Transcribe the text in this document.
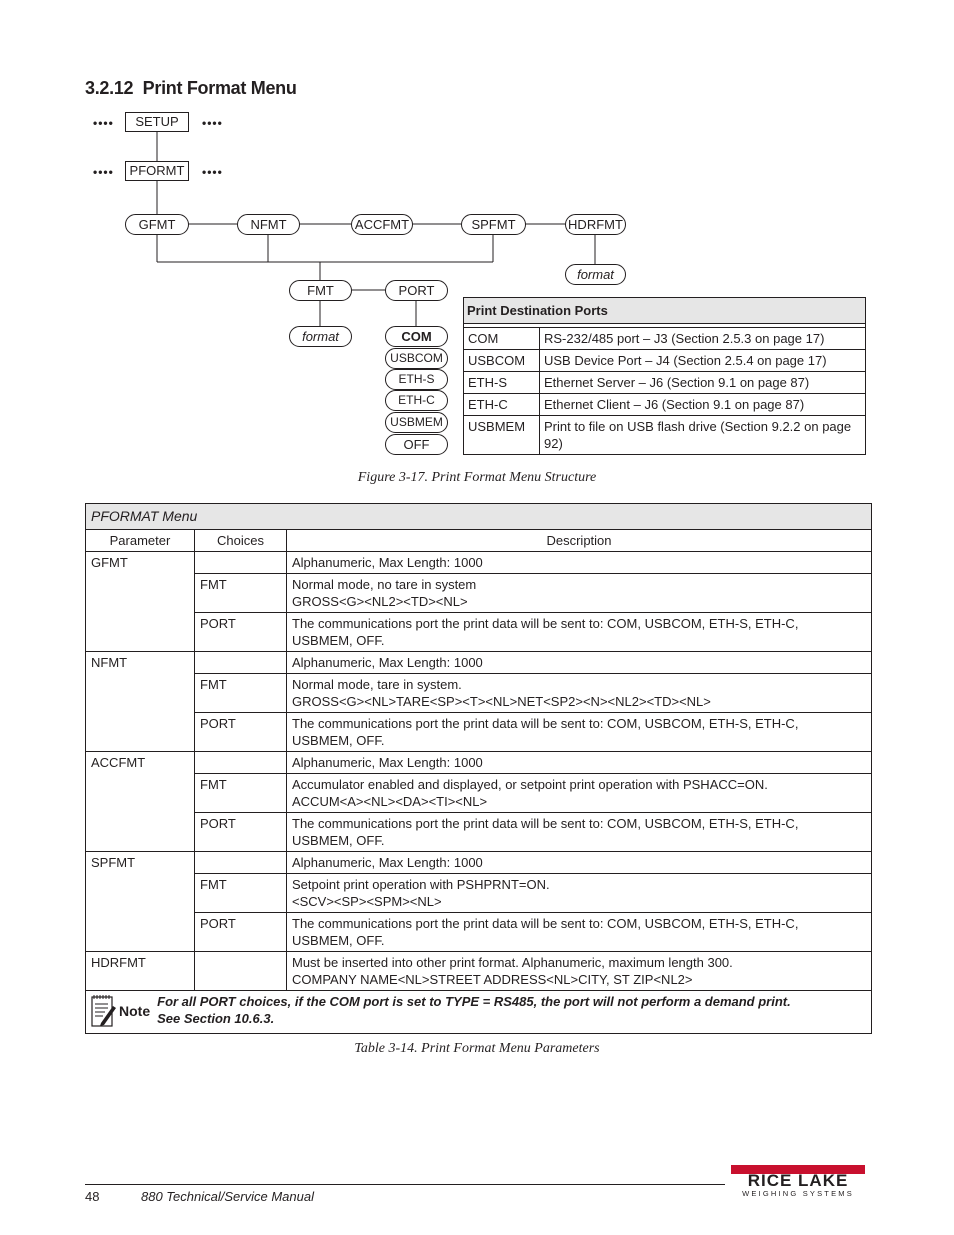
3.2.12 Print Format Menu
••••	SETUP	••••
••••	PFORMT	••••
GFMT	NFMT	ACCFMT	SPFMT	HDRFMT
format
FMT	PORT
format	COM
USBCOM
ETH-S
ETH-C
USBMEM
OFF
Print Destination Ports	

COM	RS-232/485 port – J3 (Section 2.5.3 on page 17)
USBCOM	USB Device Port – J4 (Section 2.5.4 on page 17)
ETH-S	Ethernet Server – J6 (Section 9.1 on page 87)
ETH-C	Ethernet Client – J6 (Section 9.1 on page 87)
USBMEM	Print to file on USB flash drive (Section 9.2.2 on page 92)
Figure 3-17. Print Format Menu Structure
PFORMAT Menu		
Parameter	Choices	Description
GFMT		Alphanumeric, Max Length: 1000
	FMT	Normal mode, no tare in system
GROSS<G><NL2><TD><NL>

	PORT	The communications port the print data will be sent to: COM, USBCOM, ETH-S, ETH-C,
USBMEM, OFF.

NFMT		Alphanumeric, Max Length: 1000
	FMT	Normal mode, tare in system.
GROSS<G><NL>TARE<SP><T><NL>NET<SP2><N><NL2><TD><NL>

	PORT	The communications port the print data will be sent to: COM, USBCOM, ETH-S, ETH-C,
USBMEM, OFF.

ACCFMT		Alphanumeric, Max Length: 1000
	FMT	Accumulator enabled and displayed, or setpoint print operation with PSHACC=ON.
ACCUM<A><NL><DA><TI><NL>

	PORT	The communications port the print data will be sent to: COM, USBCOM, ETH-S, ETH-C,
USBMEM, OFF.

SPFMT		Alphanumeric, Max Length: 1000
	FMT	Setpoint print operation with PSHPRNT=ON.
<SCV><SP><SPM><NL>

	PORT	The communications port the print data will be sent to: COM, USBCOM, ETH-S, ETH-C,
USBMEM, OFF.

HDRFMT		Must be inserted into other print format. Alphanumeric, maximum length 300.
COMPANY NAME<NL>STREET ADDRESS<NL>CITY, ST ZIP<NL2>

Note
For all PORT choices, if the COM port is set to TYPE = RS485, the port will not perform a demand print.
See Section 10.6.3.		
Table 3-14. Print Format Menu Parameters
48	880 Technical/Service Manual
RICE LAKE
WEIGHING SYSTEMS
